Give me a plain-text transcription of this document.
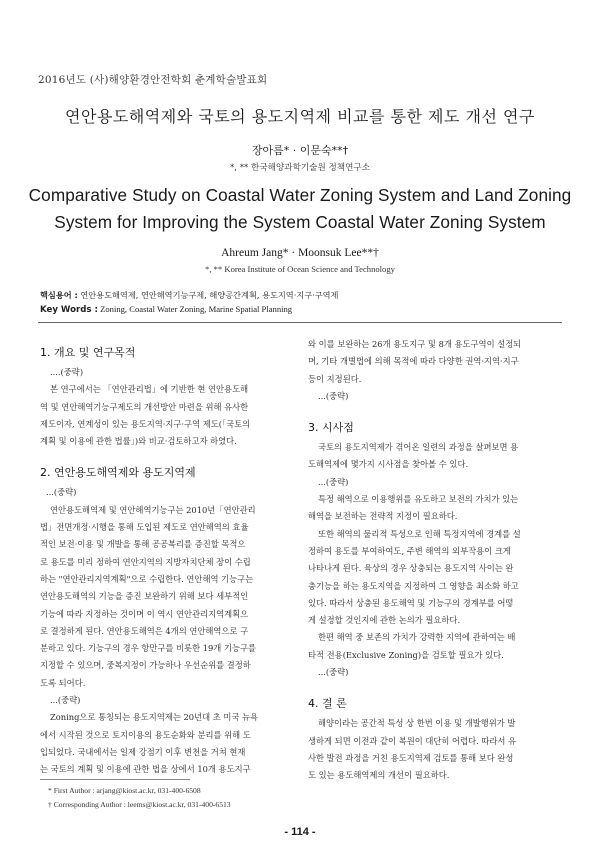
2016년도 (사)해양환경안전학회 춘계학술발표회
연안용도해역제와 국토의 용도지역제 비교를 통한 제도 개선 연구
장아름* · 이문숙**†
*, ** 한국해양과학기술원 정책연구소
Comparative Study on Coastal Water Zoning System and Land Zoning
System for Improving the System Coastal Water Zoning System
Ahreum Jang* · Moonsuk Lee**†
*, ** Korea Institute of Ocean Science and Technology
핵심용어 : 연안용도해역제, 연안해역기능구제, 해양공간계획, 용도지역·지구·구역제
Key Words : Zoning, Coastal Water Zoning, Marine Spatial Planning
1. 개요 및 연구목적
....(중략)
본 연구에서는 「연안관리법」에 기반한 현 연안용도해
역 및 연안해역기능구제도의 개선방안 마련을 위해 유사한
제도이자, 연계성이 있는 용도지역·지구·구역 제도(「국토의
계획 및 이용에 관한 법률」)와 비교·검토하고자 하였다.
2. 연안용도해역제와 용도지역제
...(중략)
연안용도해역제 및 연안해역기능구는 2010년「연안관리
법」전면개정·시행을 통해 도입된 제도로 연안해역의 효율
적인 보전·이용 및 개발을 통해 공공복리를 증진할 목적으
로 용도를 미리 정하여 연안지역의 지방자치단체 장이 수립
하는 "연안관리지역계획"으로 수립한다. 연안해역 기능구는
연안용도해역의 기능을 증진 보완하기 위해 보다 세부적인
기능에 따라 지정하는 것이며 이 역시 연안관리지역계획으
로 결정하게 된다. 연안용도해역은 4개의 연안해역으로 구
분하고 있다. 기능구의 경우 항만구를 비롯한 19개 기능구를
지정할 수 있으며, 중복지정이 가능하나 우선순위를 결정하
도록 되어다.
...(중략)
Zoning으로 통칭되는 용도지역제는 20년대 초 미국 뉴욕
에서 시작된 것으로 토지이용의 용도순화와 분리를 위해 도
입되었다. 국내에서는 일제 강점기 이후 변천을 거쳐 현재
는 국토의 계획 및 이용에 관한 법을 상에서 10개 용도지구
와 이를 보완하는 26개 용도지구 및 8개 용도구역이 설정되
며, 기타 개별법에 의해 목적에 따라 다양한 권역·지역·지구
등이 지정된다.
...(중략)
3. 시사점
국토의 용도지역제가 겪어온 일련의 과정을 살펴보면 용
도해역제에 몇가지 시사점을 찾아볼 수 있다.
...(중략)
특정 해역으로 이용행위를 유도하고 보전의 가치가 있는
해역을 보전하는 전략적 지정이 필요하다.
또한 해역의 물리적 특성으로 인해 특정지역에 경계를 설
정하여 용도를 부여하여도, 주변 해역의 외부작용이 크게
나타나게 된다. 육상의 경우 상충되는 용도지역 사이는 완
충기능을 하는 용도지역을 지정하여 그 영향을 최소화 하고
있다. 따라서 상충된 용도해역 및 기능구의 경계부를 어떻
게 설정할 것인지에 관한 논의가 필요하다.
한편 해역 중 보존의 가치가 강력한 지역에 관하여는 배
타적 전용(Exclusive Zoning)을 검토할 필요가 있다.
...(중략)
4. 결 론
해양이라는 공간적 특성 상 한번 이용 및 개발행위가 발
생하게 되면 이전과 같이 복원이 대단히 어렵다. 따라서 유
사한 발전 과정을 거친 용도지역제 검토를 통해 보다 완성
도 있는 용도해역제의 개선이 필요하다.
* First Author : arjang@kiost.ac.kr, 031-400-6508
† Corresponding Author : leems@kiost.ac.kr, 031-400-6513
- 114 -
